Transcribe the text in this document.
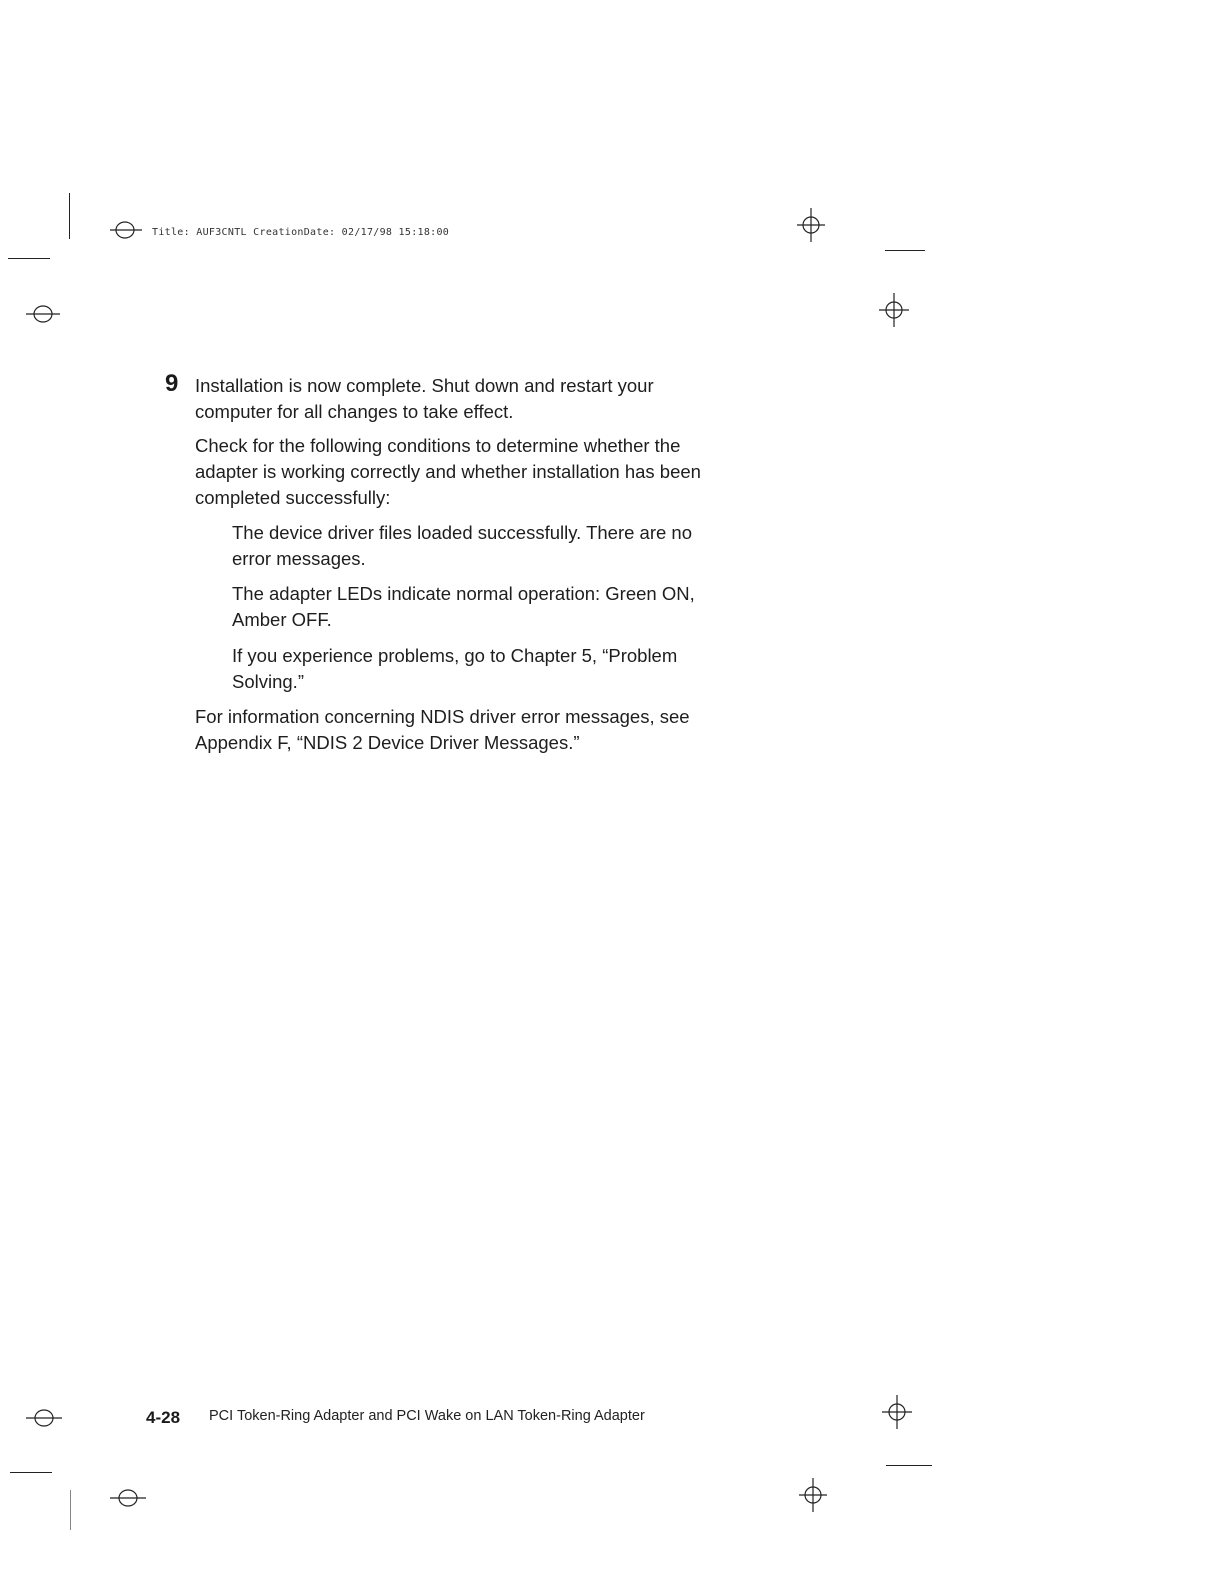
Title: AUF3CNTL CreationDate: 02/17/98 15:18:00
9 Installation is now complete. Shut down and restart your

computer for all changes to take effect.

Check for the following conditions to determine whether the

adapter is working correctly and whether installation has been

completed successfully:

The device driver files loaded successfully. There are no

error messages.

The adapter LEDs indicate normal operation: Green ON,

Amber OFF.

If you experience problems, go to Chapter 5, “Problem

Solving.”

For information concerning NDIS driver error messages, see

Appendix F, “NDIS 2 Device Driver Messages.”

4-28 PCI Token-Ring Adapter and PCI Wake on LAN Token-Ring Adapter
